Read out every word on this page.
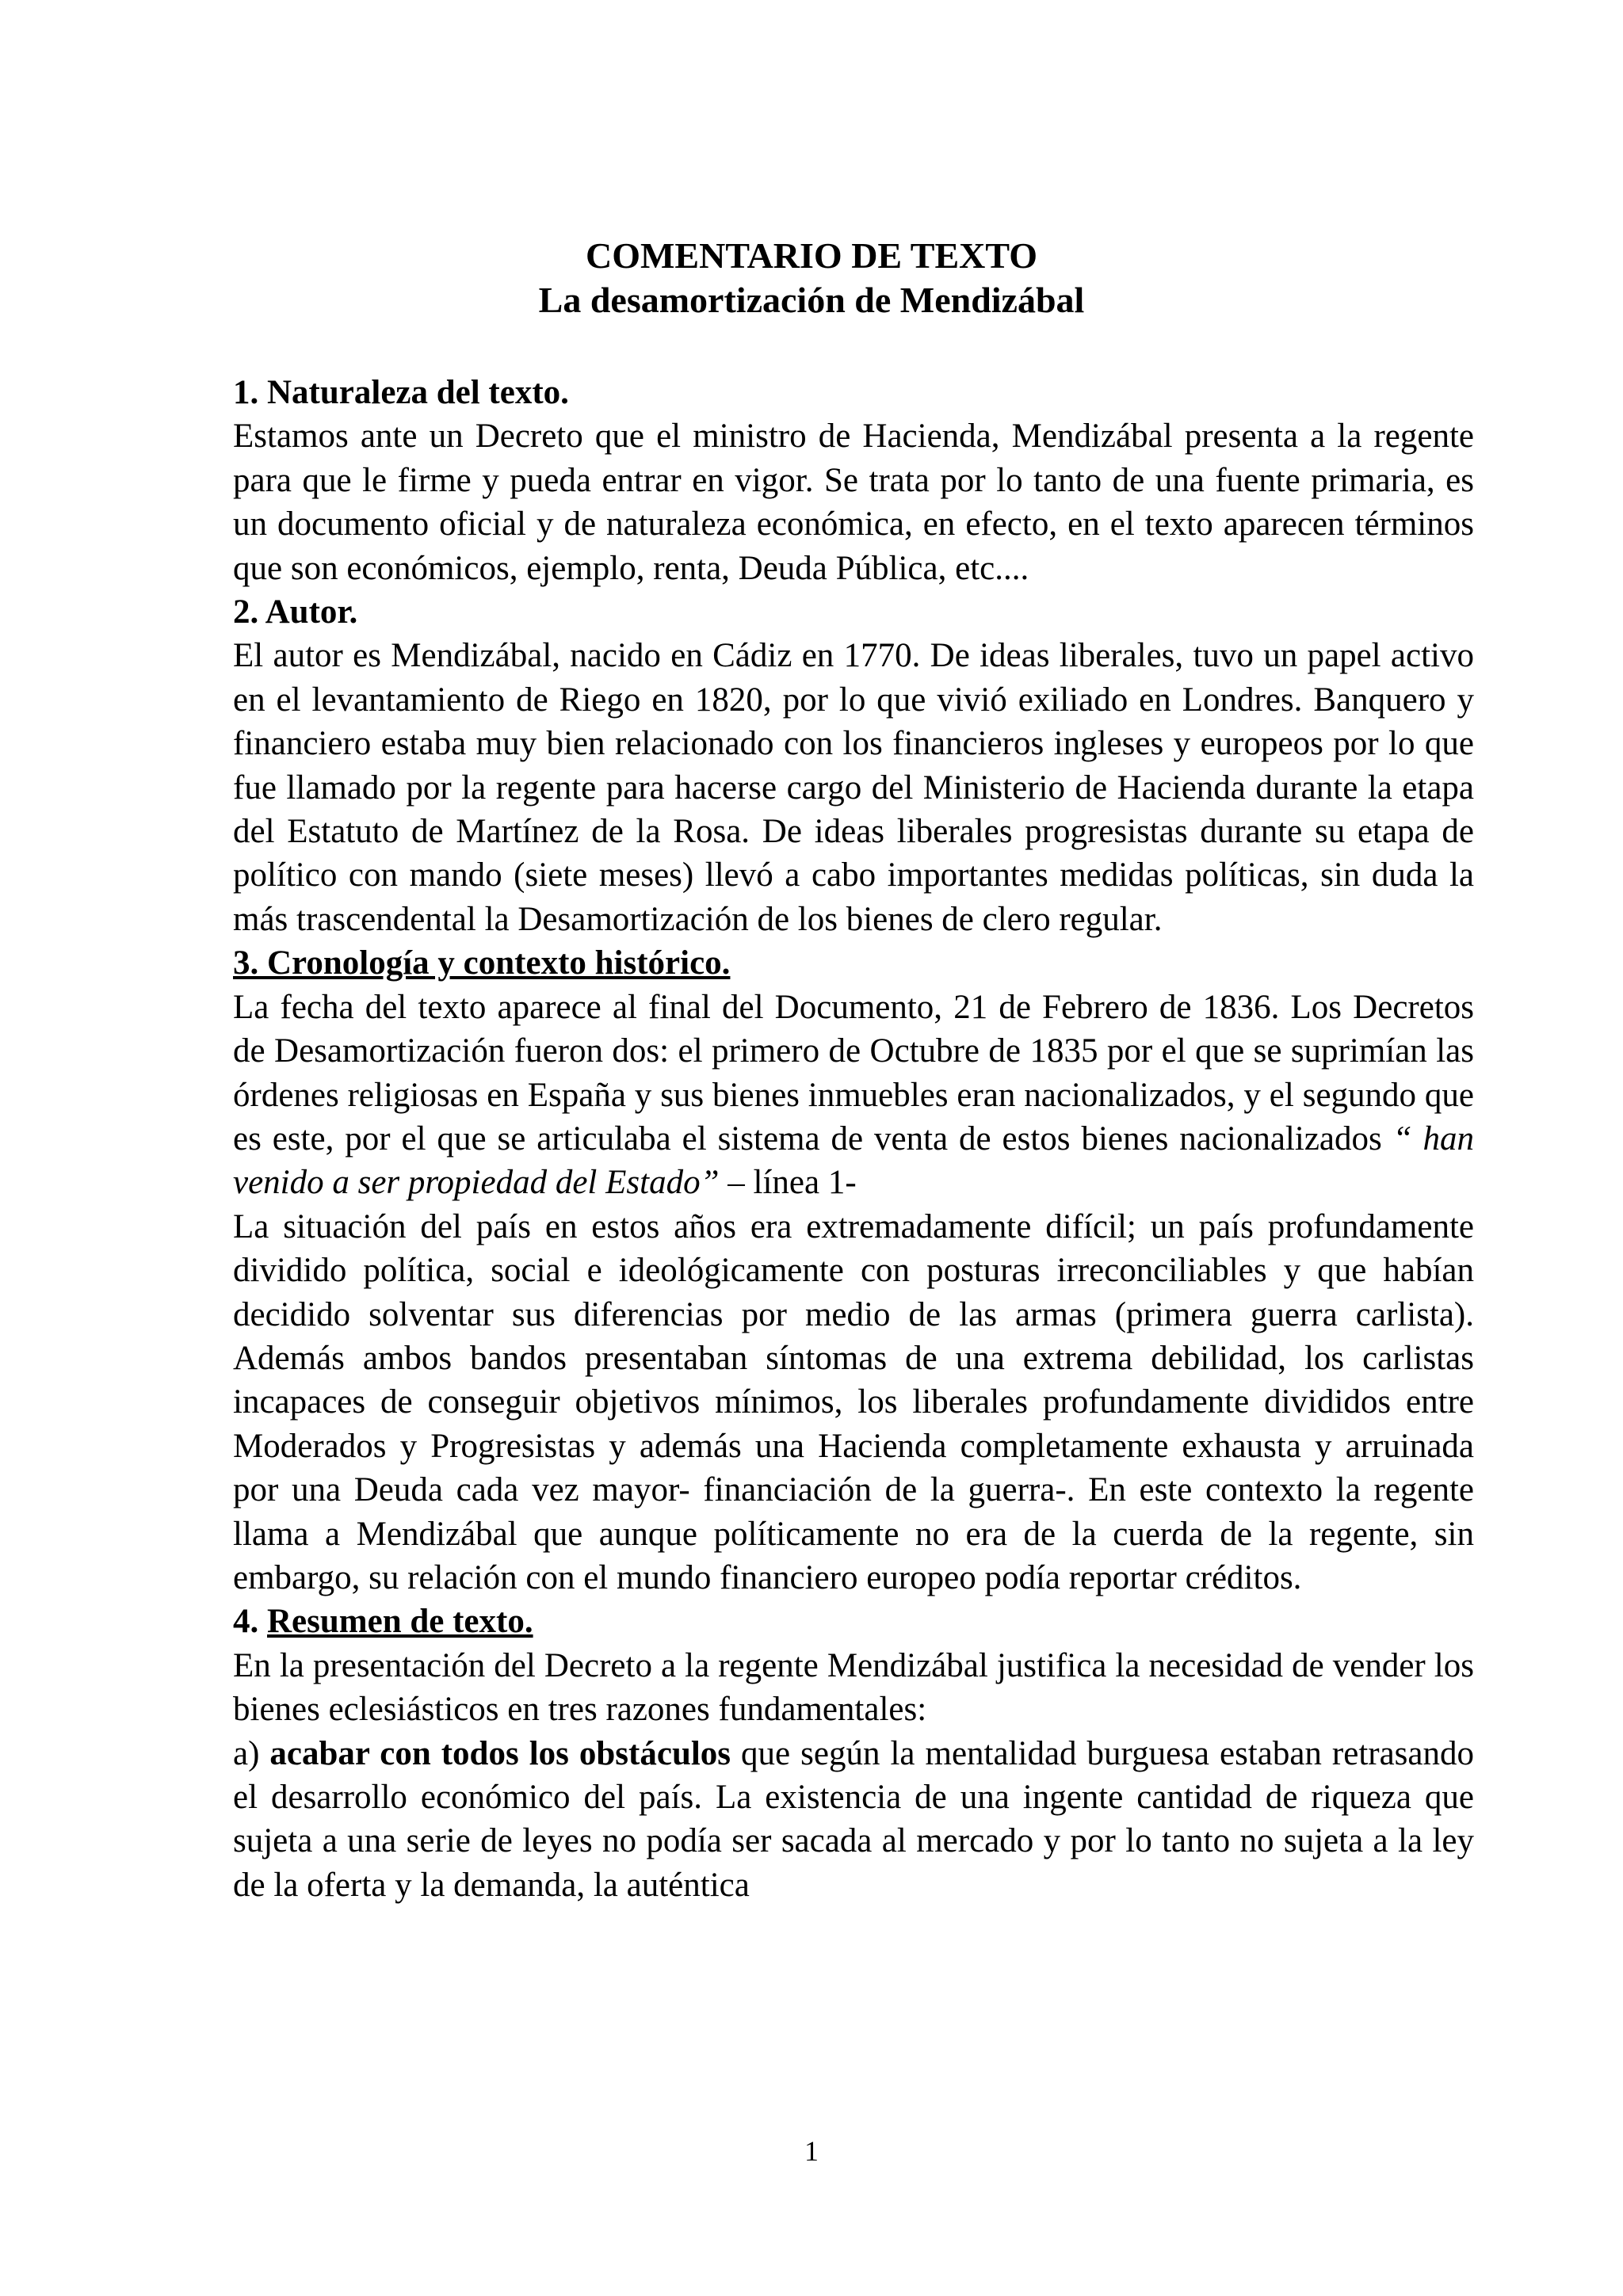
COMENTARIO DE TEXTO
La desamortización de Mendizábal
1. Naturaleza del texto.

Estamos ante un Decreto que el ministro de Hacienda, Mendizábal presenta a la regente para que le firme y pueda entrar en vigor. Se trata por lo tanto de una fuente primaria, es un documento oficial y de naturaleza económica, en efecto, en el texto aparecen términos que son económicos, ejemplo, renta, Deuda Pública, etc....

2. Autor.

El autor es Mendizábal, nacido en Cádiz en 1770. De ideas liberales, tuvo un papel activo en el levantamiento de Riego en 1820, por lo que vivió exiliado en Londres. Banquero y financiero estaba muy bien relacionado con los financieros ingleses y europeos por lo que fue llamado por la regente para hacerse cargo del Ministerio de Hacienda durante la etapa del Estatuto de Martínez de la Rosa. De ideas liberales progresistas durante su etapa de político con mando (siete meses) llevó a cabo importantes medidas políticas, sin duda la más trascendental la Desamortización de los bienes de clero regular.

3. Cronología y contexto histórico.

La fecha del texto aparece al final del Documento, 21 de Febrero de 1836. Los Decretos de Desamortización fueron dos: el primero de Octubre de 1835 por el que se suprimían las órdenes religiosas en España y sus bienes inmuebles eran nacionalizados, y el segundo que es este, por el que se articulaba el sistema de venta de estos bienes nacionalizados “ han venido a ser propiedad del Estado” – línea 1-

La situación del país en estos años era extremadamente difícil; un país profundamente dividido política, social e ideológicamente con posturas irreconciliables y que habían decidido solventar sus diferencias por medio de las armas (primera guerra carlista). Además ambos bandos presentaban síntomas de una extrema debilidad, los carlistas incapaces de conseguir objetivos mínimos, los liberales profundamente divididos entre Moderados y Progresistas y además una Hacienda completamente exhausta y arruinada por una Deuda cada vez mayor- financiación de la guerra-. En este contexto la regente llama a Mendizábal que aunque políticamente no era de la cuerda de la regente, sin embargo, su relación con el mundo financiero europeo podía reportar créditos.

4. Resumen de texto.

En la presentación del Decreto a la regente Mendizábal justifica la necesidad de vender los bienes eclesiásticos en tres razones fundamentales:

a) acabar con todos los obstáculos que según la mentalidad burguesa estaban retrasando el desarrollo económico del país. La existencia de una ingente cantidad de riqueza que sujeta a una serie de leyes no podía ser sacada al mercado y por lo tanto no sujeta a la ley de la oferta y la demanda, la auténtica

1
